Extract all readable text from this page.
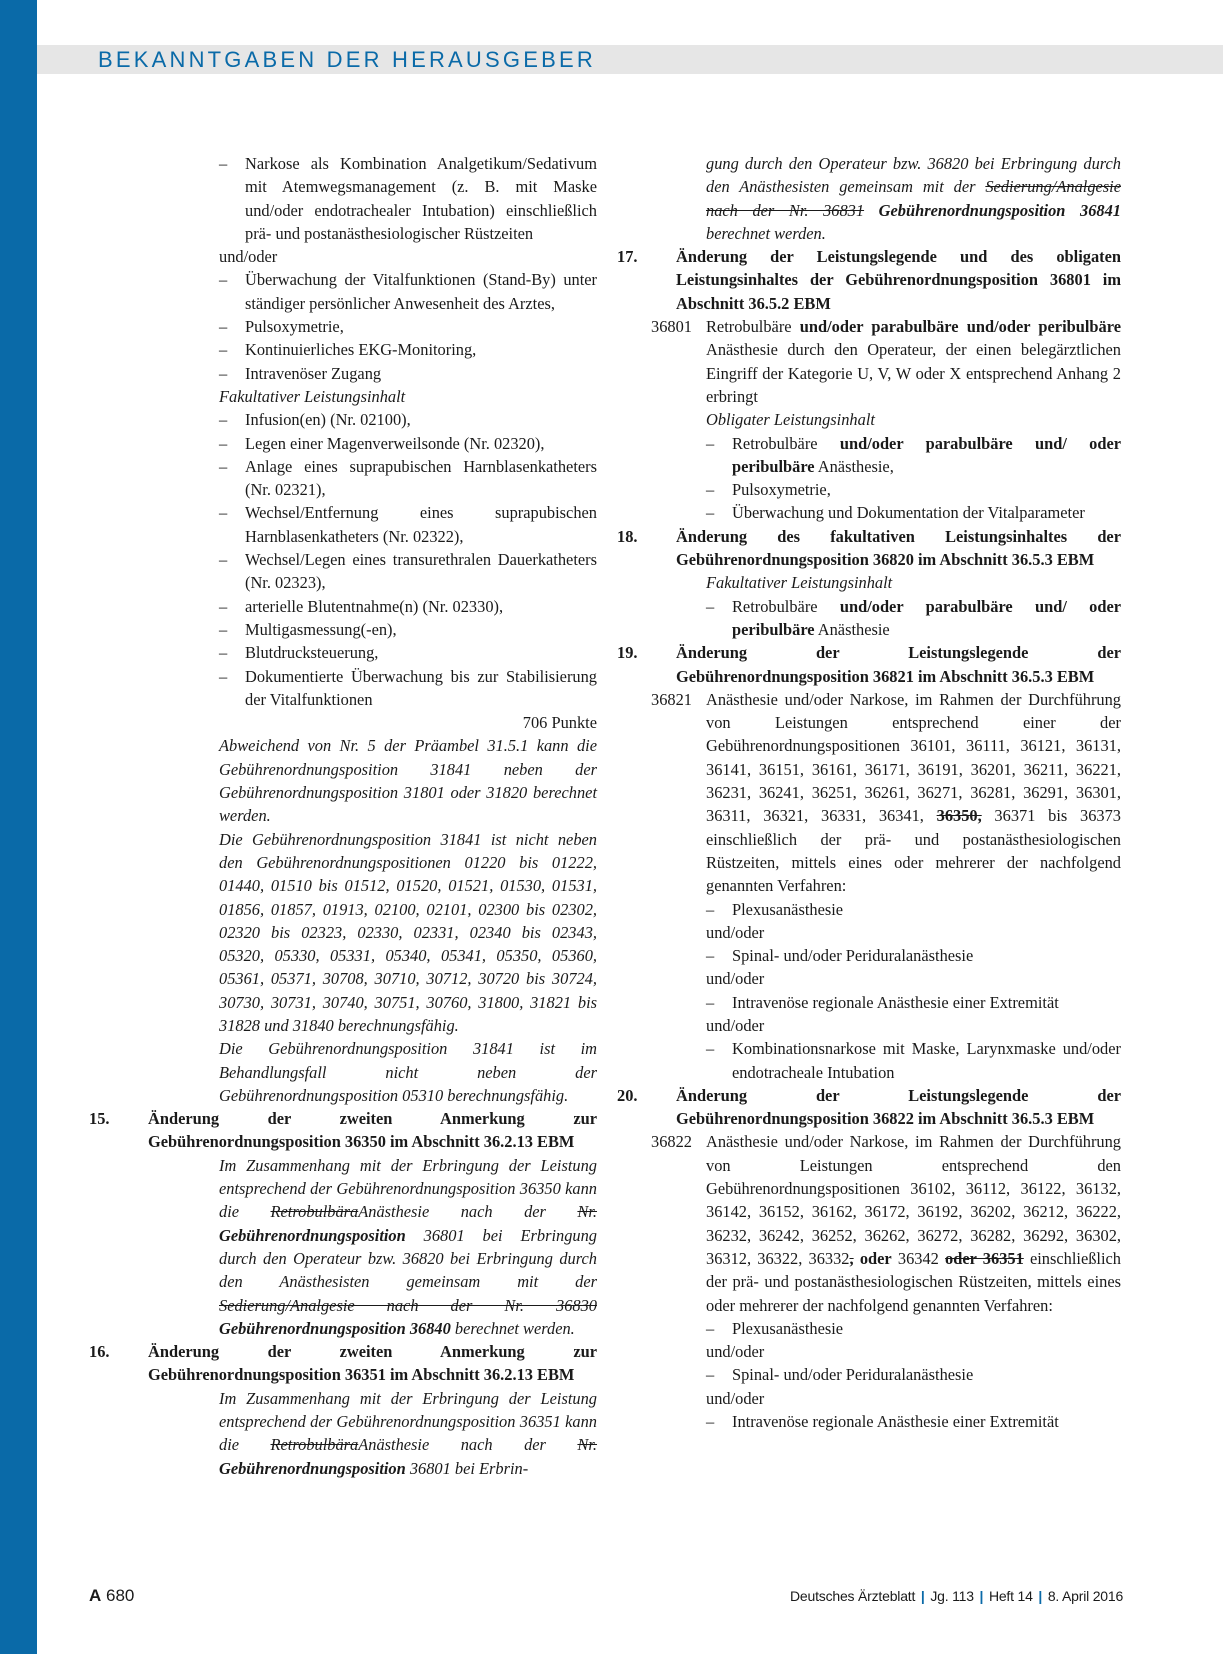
BEKANNTGABEN DER HERAUSGEBER
– Narkose als Kombination Analgetikum/Sedativum mit Atemwegsmanagement (z. B. mit Maske und/oder endotrachealer Intubation) einschließlich prä- und postanästhesiologischer Rüstzeiten
und/oder
– Überwachung der Vitalfunktionen (Stand-By) unter ständiger persönlicher Anwesenheit des Arztes,
– Pulsoxymetrie,
– Kontinuierliches EKG-Monitoring,
– Intravenöser Zugang
Fakultativer Leistungsinhalt
– Infusion(en) (Nr. 02100),
– Legen einer Magenverweilsonde (Nr. 02320),
– Anlage eines suprapubischen Harnblasenkatheters (Nr. 02321),
– Wechsel/Entfernung eines suprapubischen Harnblasenkatheters (Nr. 02322),
– Wechsel/Legen eines transurethralen Dauerkatheters (Nr. 02323),
– arterielle Blutentnahme(n) (Nr. 02330),
– Multigasmessung(-en),
– Blutdrucksteuerung,
– Dokumentierte Überwachung bis zur Stabilisierung der Vitalfunktionen
706 Punkte
Abweichend von Nr. 5 der Präambel 31.5.1 kann die Gebührenordnungsposition 31841 neben der Gebührenordnungsposition 31801 oder 31820 berechnet werden.
Die Gebührenordnungsposition 31841 ist nicht neben den Gebührenordnungspositionen 01220 bis 01222, 01440, 01510 bis 01512, 01520, 01521, 01530, 01531, 01856, 01857, 01913, 02100, 02101, 02300 bis 02302, 02320 bis 02323, 02330, 02331, 02340 bis 02343, 05320, 05330, 05331, 05340, 05341, 05350, 05360, 05361, 05371, 30708, 30710, 30712, 30720 bis 30724, 30730, 30731, 30740, 30751, 30760, 31800, 31821 bis 31828 und 31840 berechnungsfähig.
Die Gebührenordnungsposition 31841 ist im Behandlungsfall nicht neben der Gebührenordnungsposition 05310 berechnungsfähig.
15.	Änderung der zweiten Anmerkung zur Gebührenordnungsposition 36350 im Abschnitt 36.2.13 EBM
Im Zusammenhang mit der Erbringung der Leistung entsprechend der Gebührenordnungsposition 36350 kann die RetrobulbäraAnästhesie nach der Nr. Gebührenordnungsposition 36801 bei Erbringung durch den Operateur bzw. 36820 bei Erbringung durch den Anästhesisten gemeinsam mit der Sedierung/Analgesie nach der Nr. 36830 Gebührenordnungsposition 36840 berechnet werden.
16.	Änderung der zweiten Anmerkung zur Gebührenordnungsposition 36351 im Abschnitt 36.2.13 EBM
Im Zusammenhang mit der Erbringung der Leistung entsprechend der Gebührenordnungsposition 36351 kann die RetrobulbäraAnästhesie nach der Nr. Gebührenordnungsposition 36801 bei Erbrin-
gung durch den Operateur bzw. 36820 bei Erbringung durch den Anästhesisten gemeinsam mit der Sedierung/Analgesie nach der Nr. 36831 Gebührenordnungsposition 36841 berechnet werden.
17.	Änderung der Leistungslegende und des obligaten Leistungsinhaltes der Gebührenordnungsposition 36801 im Abschnitt 36.5.2 EBM
36801 Retrobulbäre und/oder parabulbäre und/oder peribulbäre Anästhesie durch den Operateur, der einen belegärztlichen Eingriff der Kategorie U, V, W oder X entsprechend Anhang 2 erbringt
Obligater Leistungsinhalt
– Retrobulbäre und/oder parabulbäre und/ oder peribulbäre Anästhesie,
– Pulsoxymetrie,
– Überwachung und Dokumentation der Vitalparameter
18.	Änderung des fakultativen Leistungsinhaltes der Gebührenordnungsposition 36820 im Abschnitt 36.5.3 EBM
Fakultativer Leistungsinhalt
– Retrobulbäre und/oder parabulbäre und/ oder peribulbäre Anästhesie
19.	Änderung der Leistungslegende der Gebührenordnungsposition 36821 im Abschnitt 36.5.3 EBM
36821 Anästhesie und/oder Narkose, im Rahmen der Durchführung von Leistungen entsprechend einer der Gebührenordnungspositionen 36101, 36111, 36121, 36131, 36141, 36151, 36161, 36171, 36191, 36201, 36211, 36221, 36231, 36241, 36251, 36261, 36271, 36281, 36291, 36301, 36311, 36321, 36331, 36341, 36350, 36371 bis 36373 einschließlich der prä- und postanästhesiologischen Rüstzeiten, mittels eines oder mehrerer der nachfolgend genannten Verfahren:
– Plexusanästhesie
und/oder
– Spinal- und/oder Periduralanästhesie
und/oder
– Intravenöse regionale Anästhesie einer Extremität
und/oder
– Kombinationsnarkose mit Maske, Larynxmaske und/oder endotracheale Intubation
20.	Änderung der Leistungslegende der Gebührenordnungsposition 36822 im Abschnitt 36.5.3 EBM
36822 Anästhesie und/oder Narkose, im Rahmen der Durchführung von Leistungen entsprechend den Gebührenordnungspositionen 36102, 36112, 36122, 36132, 36142, 36152, 36162, 36172, 36192, 36202, 36212, 36222, 36232, 36242, 36252, 36262, 36272, 36282, 36292, 36302, 36312, 36322, 36332, oder 36342 oder 36351 einschließlich der prä- und postanästhesiologischen Rüstzeiten, mittels eines oder mehrerer der nachfolgend genannten Verfahren:
– Plexusanästhesie
und/oder
– Spinal- und/oder Periduralanästhesie
und/oder
– Intravenöse regionale Anästhesie einer Extremität
A 680	Deutsches Ärzteblatt | Jg. 113 | Heft 14 | 8. April 2016
